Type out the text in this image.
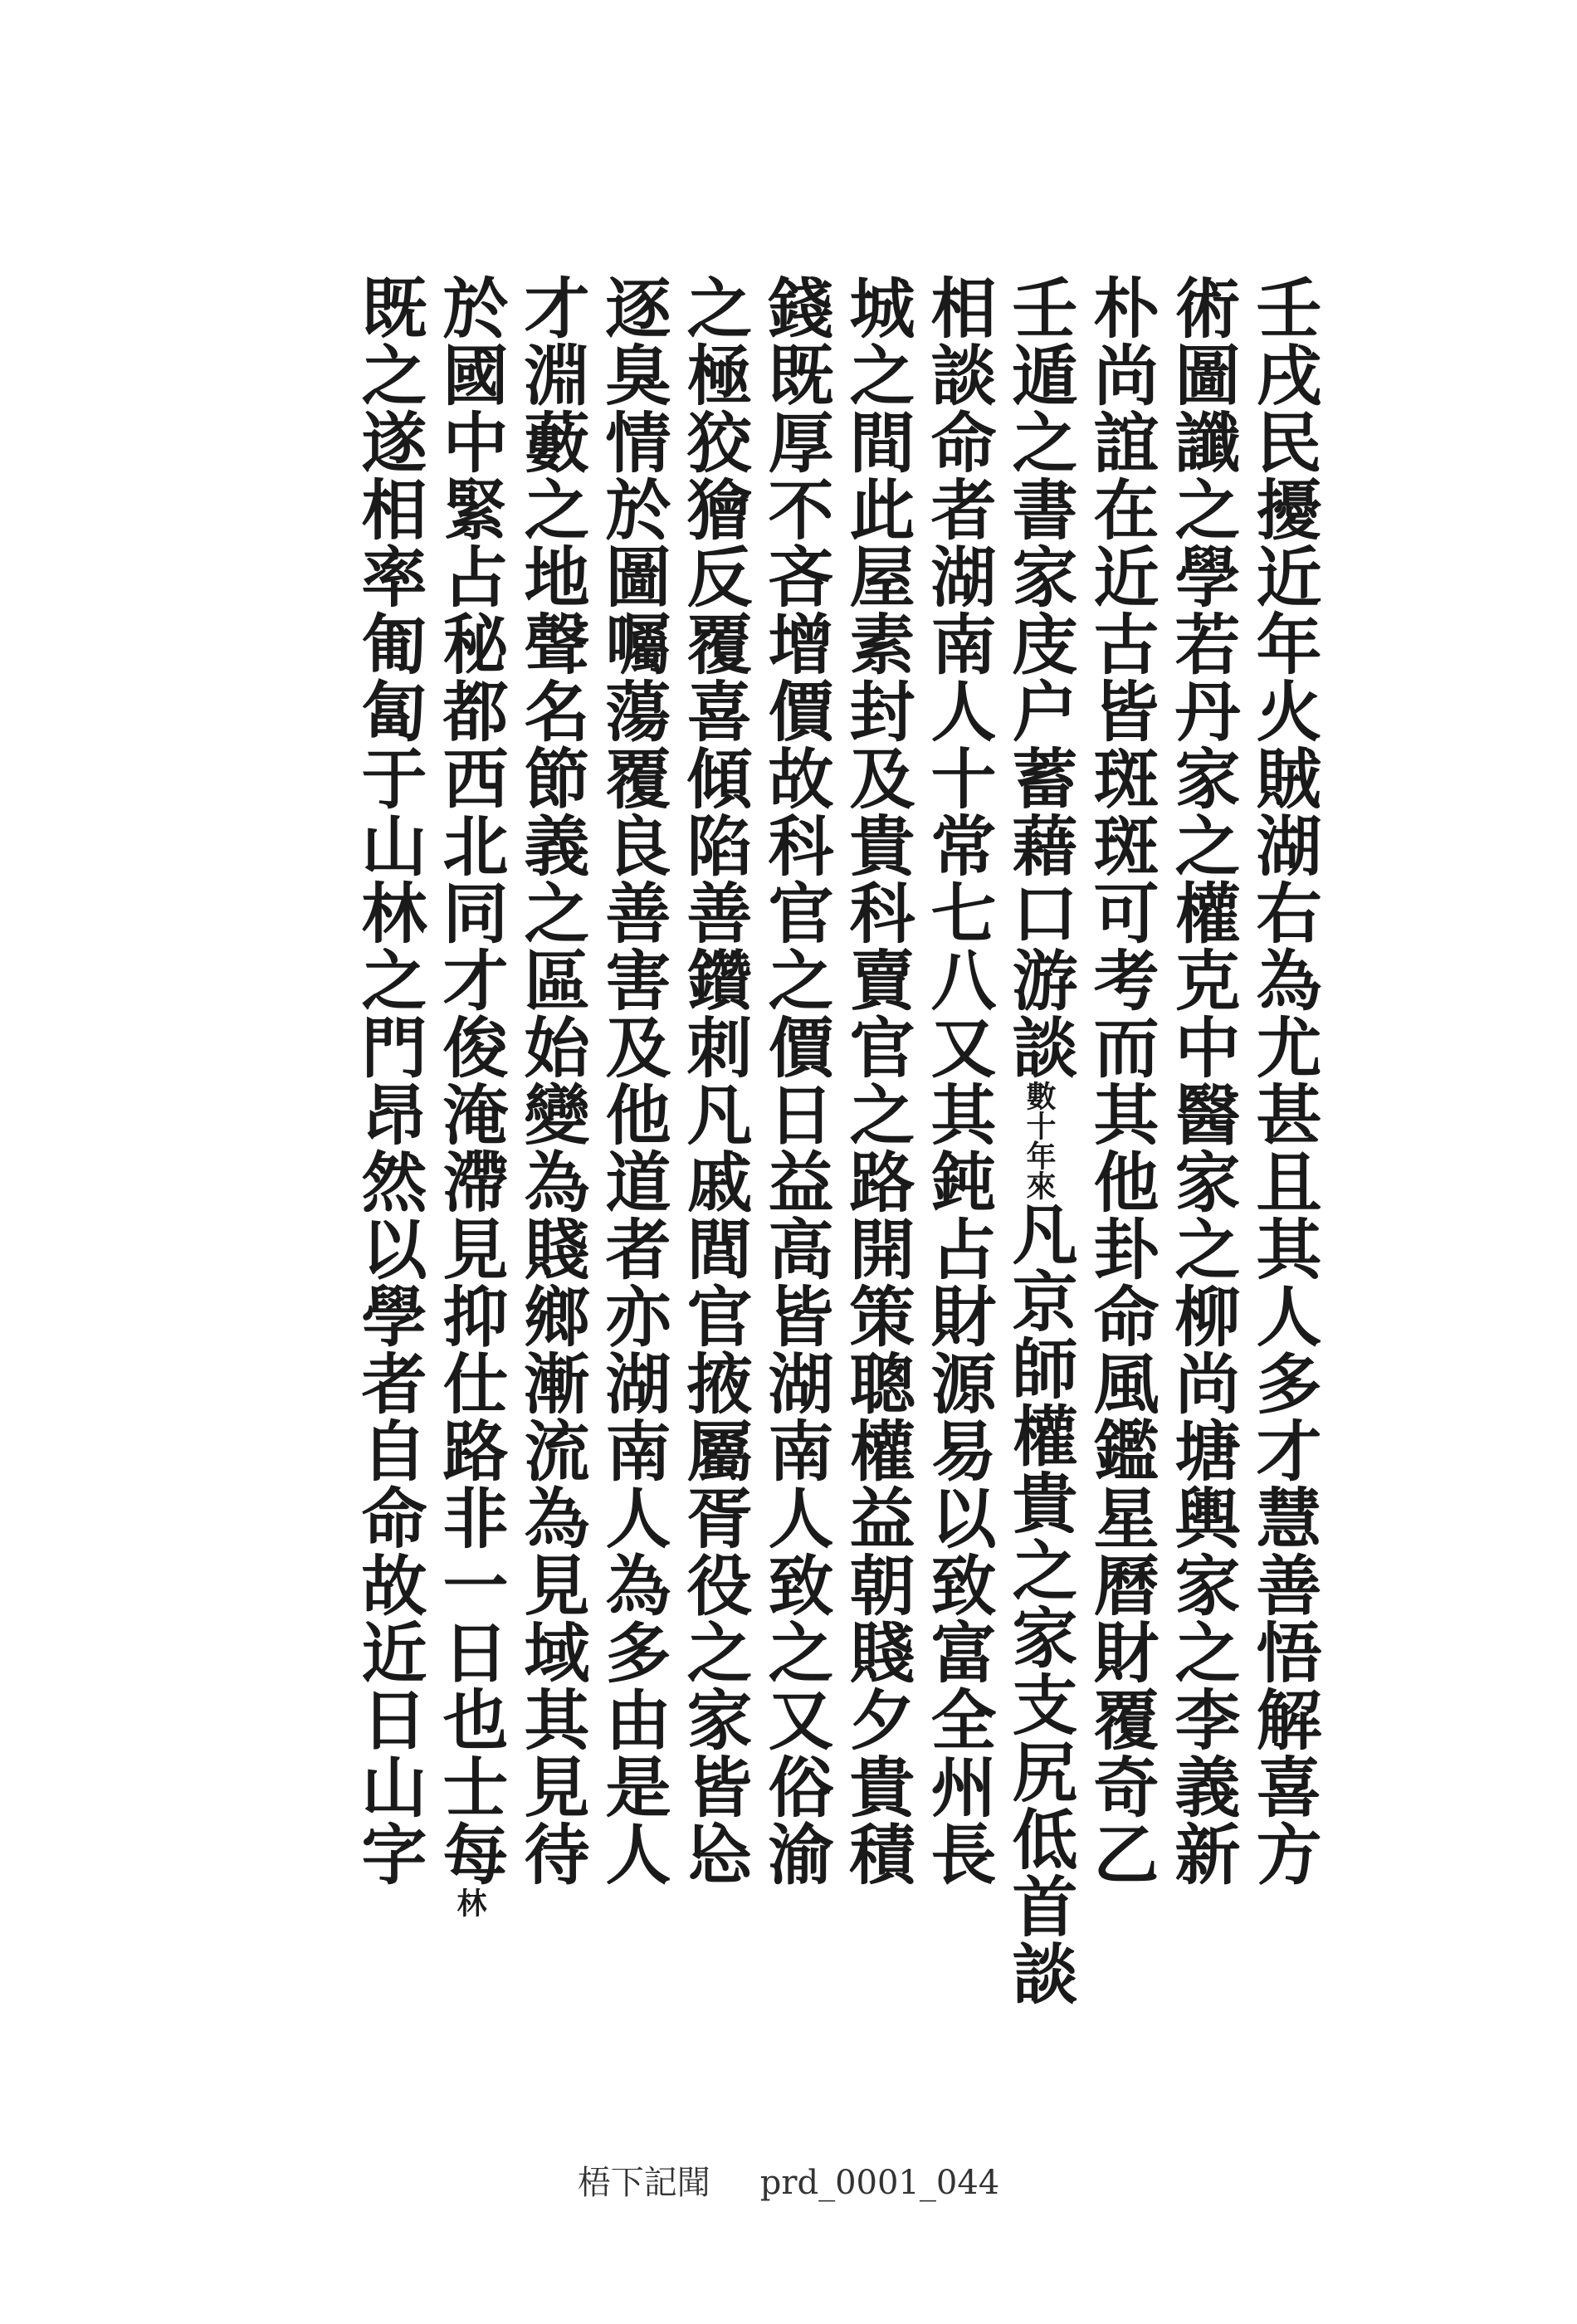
壬戌民擾近年火賊湖右為尤甚且其人多才慧善悟解喜方
術圖讖之學若丹家之權克中醫家之柳尚塘輿家之李義新
朴尚誼在近古皆斑斑可考而其他卦命風鑑星曆財覆奇乙
壬遁之書家庋户蓄藉口游談數十年來凡京師權貴之家支尻低首談
相談命者湖南人十常七八又其鈍占財源易以致富全州長
城之間此屋素封及貴科賣官之路開策聰權益朝賤夕貴積
錢既厚不吝增價故科官之價日益高皆湖南人致之又俗渝
之極狡獪反覆喜傾陷善鑽刺凡戚閭官掖屬胥役之家皆㤀
逐臭情於圖囑蕩覆良善害及他道者亦湖南人為多由是人
才淵藪之地聲名節義之區始變為賤鄉漸流為見域其見待
於國中緊占秘都西北同才俊淹滯見抑仕路非一日也士每林
既之遂相率匍匐于山林之門昂然以學者自命故近日山字
梧下記聞 prd_0001_044
